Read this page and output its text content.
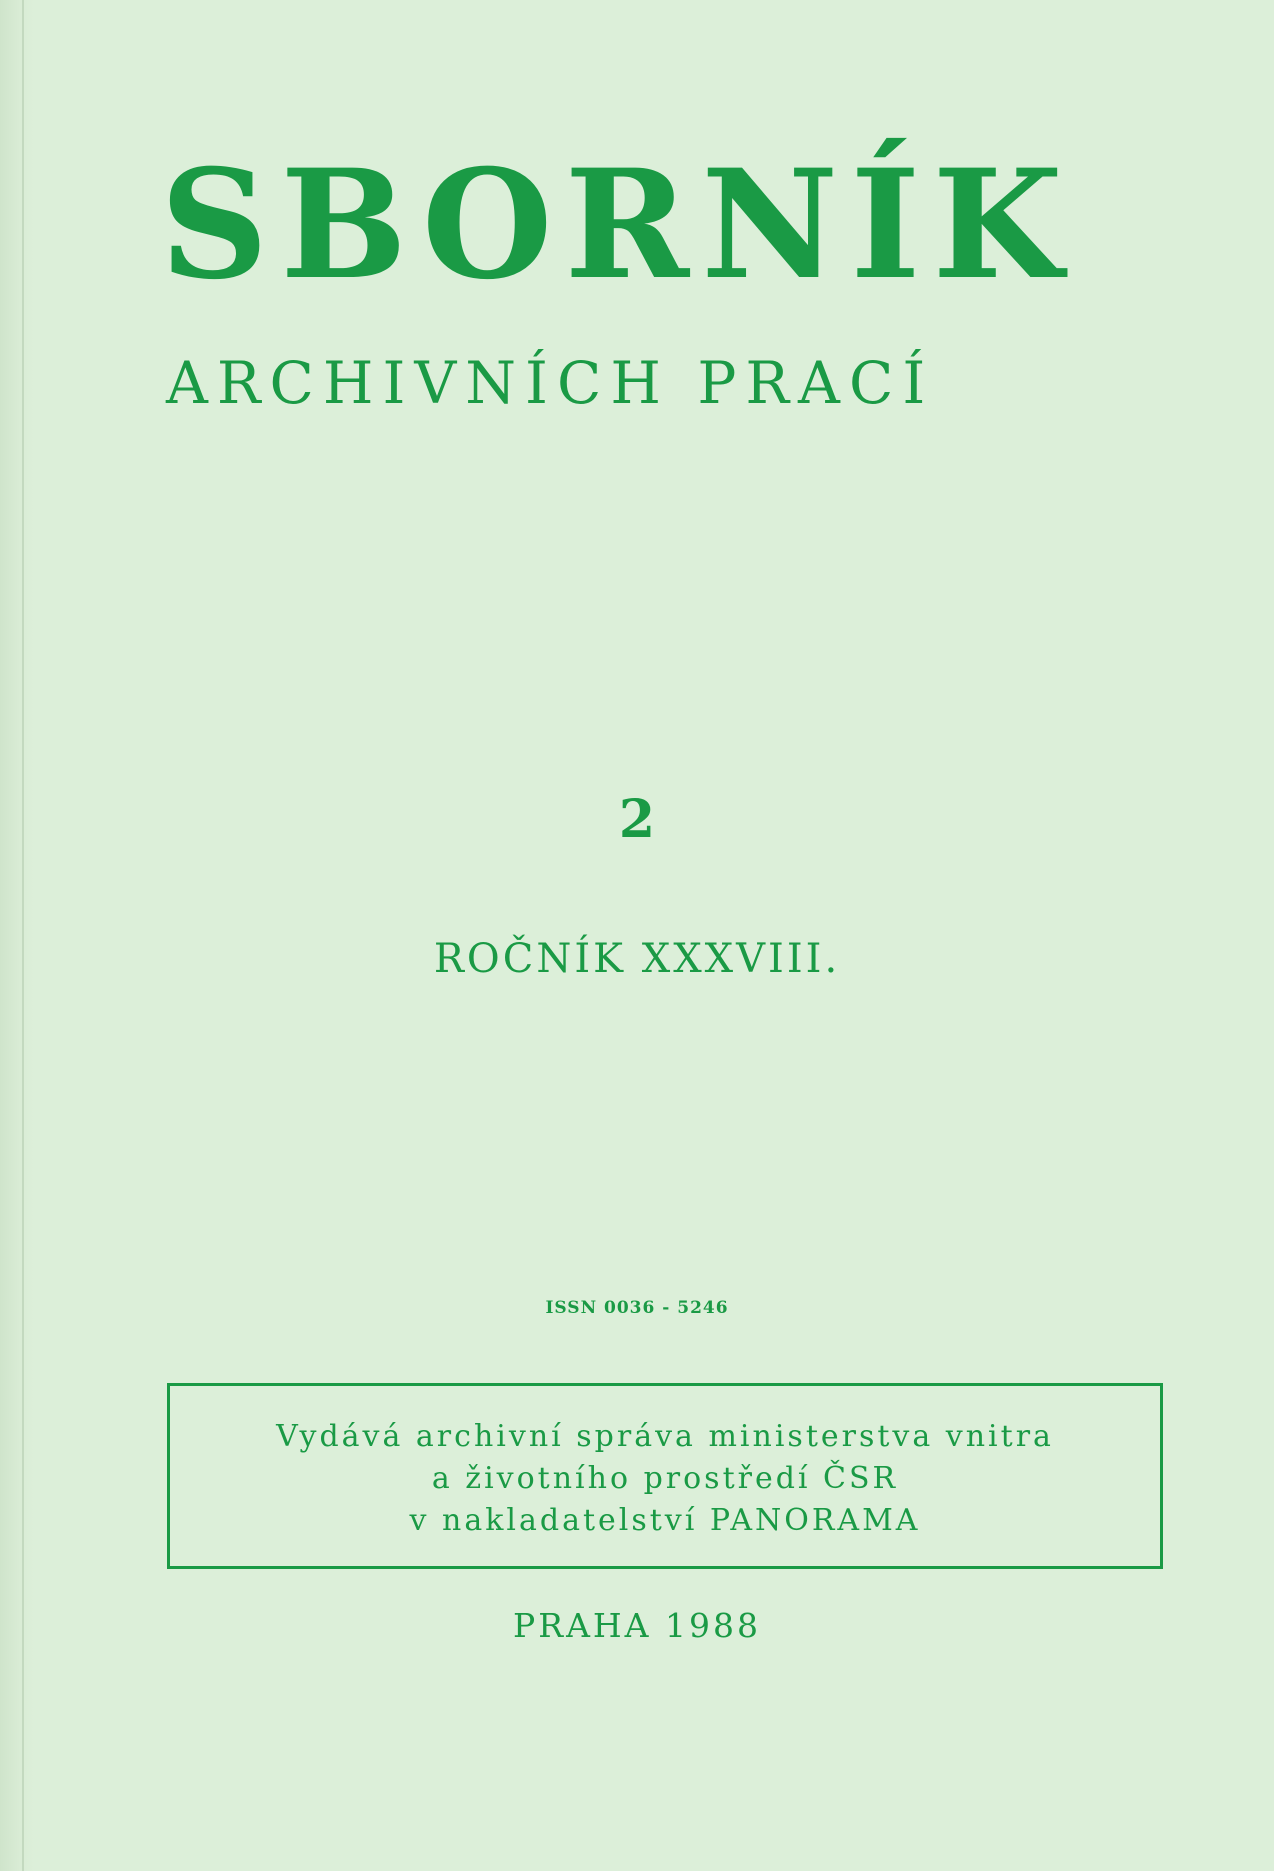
SBORNÍK
ARCHIVNÍCH PRACÍ
2
ROČNÍK XXXVIII.
ISSN 0036 - 5246
Vydává archivní správa ministerstva vnitra
a životního prostředí ČSR
v nakladatelství PANORAMA
PRAHA 1988
